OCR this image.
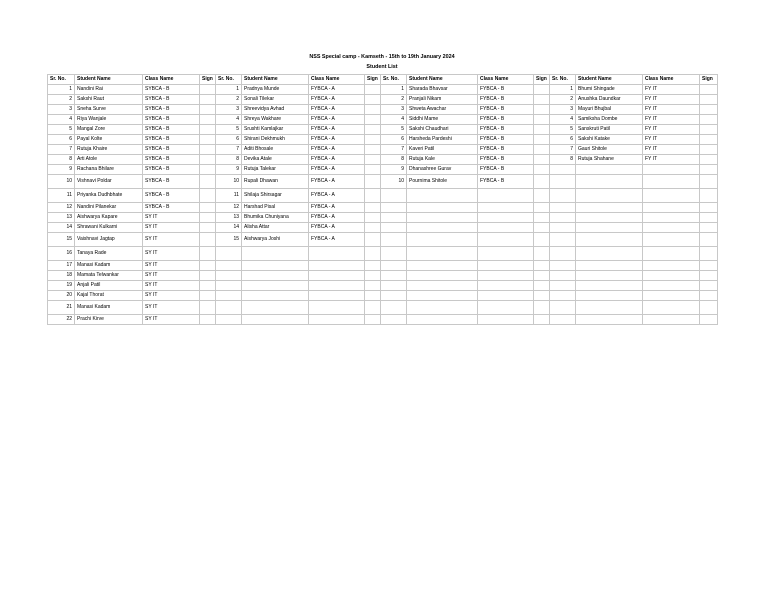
NSS Special camp - Kamseth - 15th to 19th January 2024
Student List
Sr. No.	Student Name	Class Name	Sign	Sr. No.	Student Name	Class Name	Sign	Sr. No.	Student Name	Class Name	Sign	Sr. No.	Student Name	Class Name	Sign
1	Nandini Rai	SYBCA - B		1	Pradnya Munde	FYBCA - A		1	Sharada Bhavsar	FYBCA - B		1	Bhumi Shingade	FY IT	
2	Sakshi Raut	SYBCA - B		2	Sonali Tilekar	FYBCA - A		2	Pranjali Nikam	FYBCA - B		2	Anushka Daundkar	FY IT	
3	Sneha Surve	SYBCA - B		3	Shreevidya Avhad	FYBCA - A		3	Shweta Awachar	FYBCA - B		3	Mayuri Bhujbal	FY IT	
4	Riya Wanjale	SYBCA - B		4	Shreya Wakhare	FYBCA - A		4	Siddhi Mame	FYBCA - B		4	Samiksha Dombe	FY IT	
5	Mangal Zore	SYBCA - B		5	Srushti Kamlajkar	FYBCA - A		5	Sakshi Chaudhari	FYBCA - B		5	Sanskruti Patil	FY IT	
6	Payal Kolte	SYBCA - B		6	Shirani Dekhmukh	FYBCA - A		6	Harsheda Pardeshi	FYBCA - B		6	Sakshi Katake	FY IT	
7	Rutuja Khaire	SYBCA - B		7	Aditi Bhosale	FYBCA - A		7	Kaveri Patil	FYBCA - B		7	Gauri Shitole	FY IT	
8	Arti Atole	SYBCA - B		8	Devika Atale	FYBCA - A		8	Rutuja Kale	FYBCA - B		8	Rutuja Shahane	FY IT	
9	Rachana Bhilare	SYBCA - B		9	Rutuja Talekar	FYBCA - A		9	Dhanashree Gurav	FYBCA - B					
10	Vishnavi Poldar	SYBCA - B		10	Rupali Dhawan	FYBCA - A		10	Pournima Shitole	FYBCA - B					
11	Priyanka Dudhbhate	SYBCA - B		11	Shilaja Shirsagar	FYBCA - A									
12	Nandini Pilanekar	SYBCA - B		12	Harshad Pisal	FYBCA - A									
13	Aishwarya Kapare	SY IT		13	Bhumika Chuniyana	FYBCA - A									
14	Shrawani Kulkarni	SY IT		14	Alisha Attar	FYBCA - A									
15	Vaishnavi Jagtap	SY IT		15	Aishwarya Joshi	FYBCA - A									
16	Tanaya Rade	SY IT													
17	Manasi Kadam	SY IT													
18	Mamata Telwankar	SY IT													
19	Anjali Patil	SY IT													
20	Kajal Thorat	SY IT													
21	Manasi Kadam	SY IT													
22	Prachi Kirve	SY IT													
